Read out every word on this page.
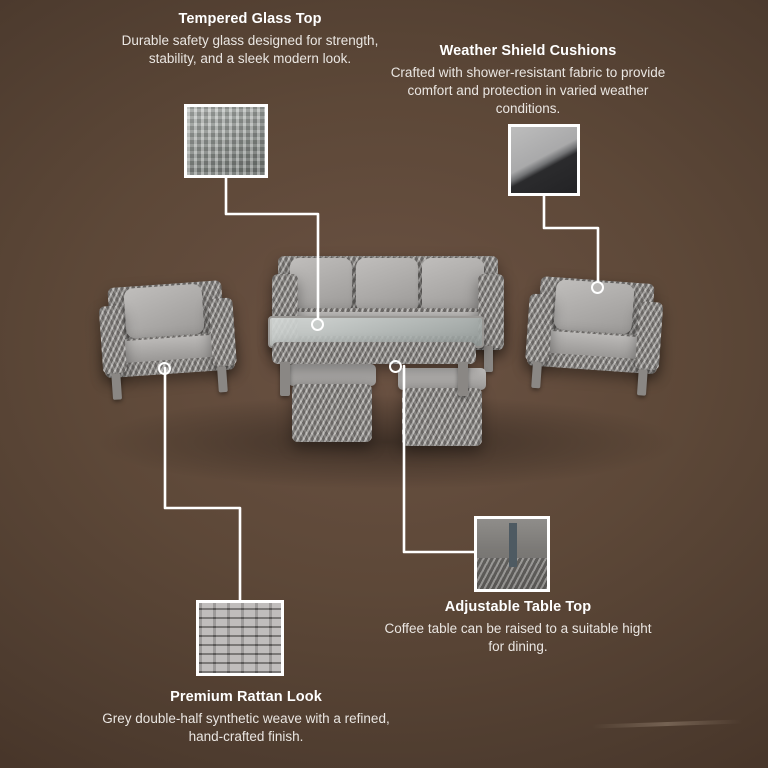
Tempered Glass Top
Durable safety glass designed for strength, stability, and a sleek modern look.	Weather Shield Cushions
Crafted with shower-resistant fabric to provide comfort and protection in varied weather conditions.
Adjustable Table Top
Coffee table can be raised to a suitable hight for dining.
Premium Rattan Look
Grey double-half synthetic weave with a refined, hand-crafted finish.
